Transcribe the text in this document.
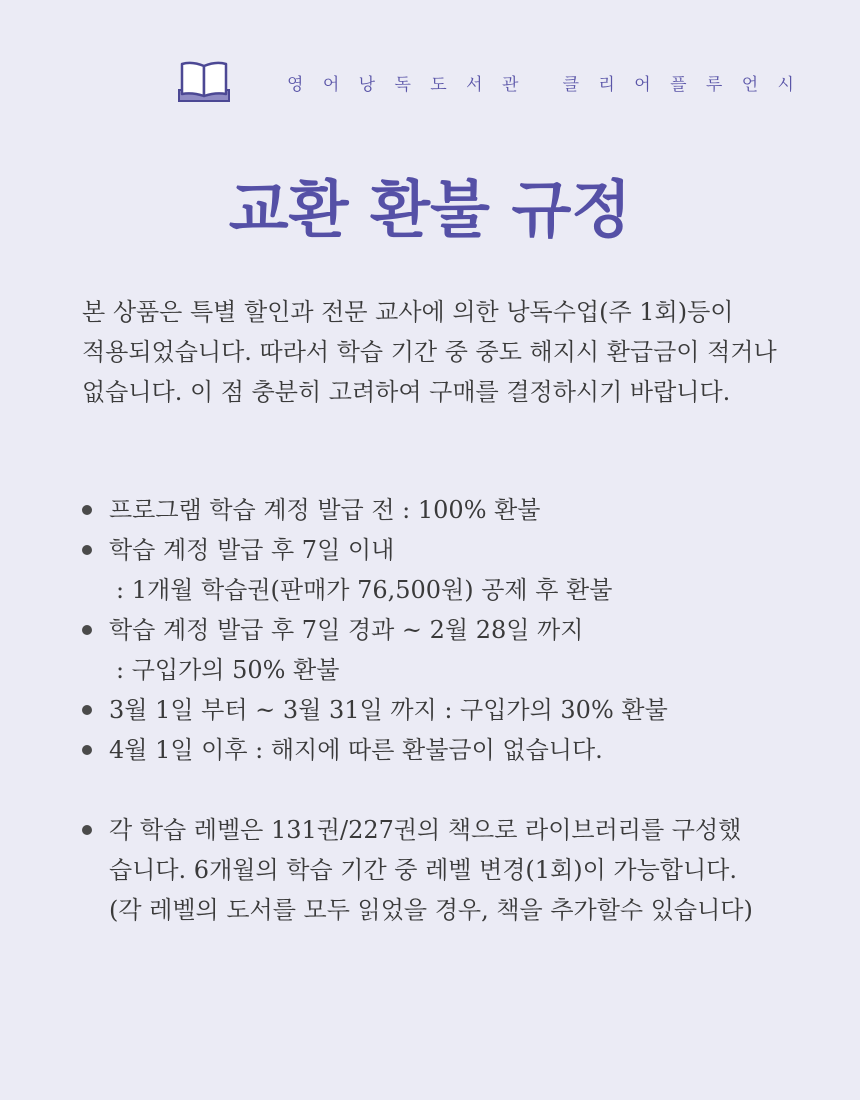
영 어 낭 독 도 서 관   클 리 어 플 루 언 시
교환 환불 규정

본 상품은 특별 할인과 전문 교사에 의한 낭독수업(주 1회)등이 적용되었습니다. 따라서 학습 기간 중 중도 해지시 환급금이 적거나 없습니다. 이 점 충분히 고려하여 구매를 결정하시기 바랍니다.

프로그램 학습 계정 발급 전 : 100% 환불
학습 계정 발급 후 7일 이내
: 1개월 학습권(판매가 76,500원) 공제 후 환불
학습 계정 발급 후 7일 경과 ~ 2월 28일 까지
: 구입가의 50% 환불
3월 1일 부터 ~ 3월 31일 까지 : 구입가의 30% 환불
4월 1일 이후 : 해지에 따른 환불금이 없습니다.
각 학습 레벨은 131권/227권의 책으로 라이브러리를 구성했
습니다. 6개월의 학습 기간 중 레벨 변경(1회)이 가능합니다.
(각 레벨의 도서를 모두 읽었을 경우, 책을 추가할수 있습니다)
